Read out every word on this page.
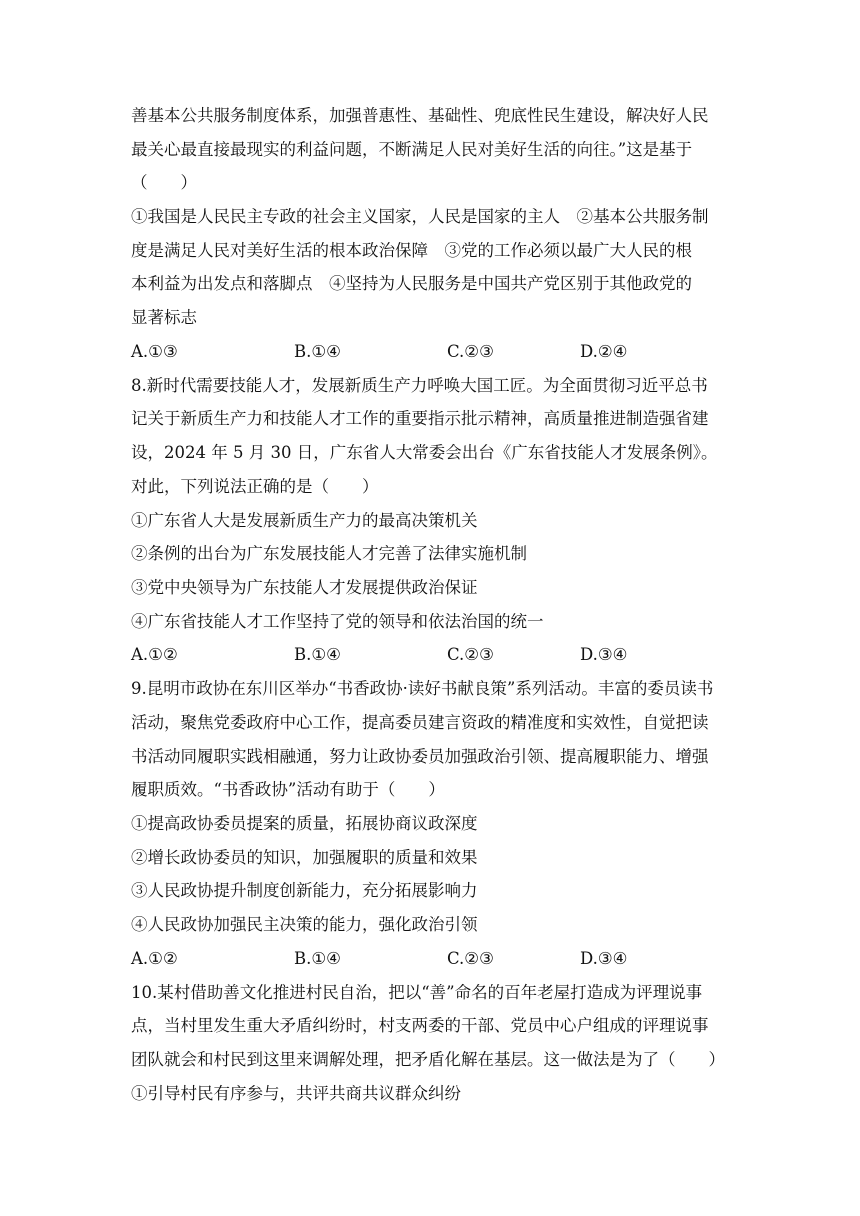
善基本公共服务制度体系，加强普惠性、基础性、兜底性民生建设，解决好人民
最关心最直接最现实的利益问题，不断满足人民对美好生活的向往。”这是基于
（　　）
①我国是人民民主专政的社会主义国家，人民是国家的主人　②基本公共服务制
度是满足人民对美好生活的根本政治保障　③党的工作必须以最广大人民的根
本利益为出发点和落脚点　④坚持为人民服务是中国共产党区别于其他政党的
显著标志
A.①③	B.①④	C.②③	D.②④
8.新时代需要技能人才，发展新质生产力呼唤大国工匠。为全面贯彻习近平总书
记关于新质生产力和技能人才工作的重要指示批示精神，高质量推进制造强省建
设，2024 年 5 月 30 日，广东省人大常委会出台《广东省技能人才发展条例》。
对此，下列说法正确的是（　　）
①广东省人大是发展新质生产力的最高决策机关
②条例的出台为广东发展技能人才完善了法律实施机制
③党中央领导为广东技能人才发展提供政治保证
④广东省技能人才工作坚持了党的领导和依法治国的统一
A.①②	B.①④	C.②③	D.③④
9.昆明市政协在东川区举办“书香政协·读好书献良策”系列活动。丰富的委员读书
活动，聚焦党委政府中心工作，提高委员建言资政的精准度和实效性，自觉把读
书活动同履职实践相融通，努力让政协委员加强政治引领、提高履职能力、增强
履职质效。“书香政协”活动有助于（　　）
①提高政协委员提案的质量，拓展协商议政深度
②增长政协委员的知识，加强履职的质量和效果
③人民政协提升制度创新能力，充分拓展影响力
④人民政协加强民主决策的能力，强化政治引领
A.①②	B.①④	C.②③	D.③④
10.某村借助善文化推进村民自治，把以“善”命名的百年老屋打造成为评理说事
点，当村里发生重大矛盾纠纷时，村支两委的干部、党员中心户组成的评理说事
团队就会和村民到这里来调解处理，把矛盾化解在基层。这一做法是为了（　　）
①引导村民有序参与，共评共商共议群众纠纷
